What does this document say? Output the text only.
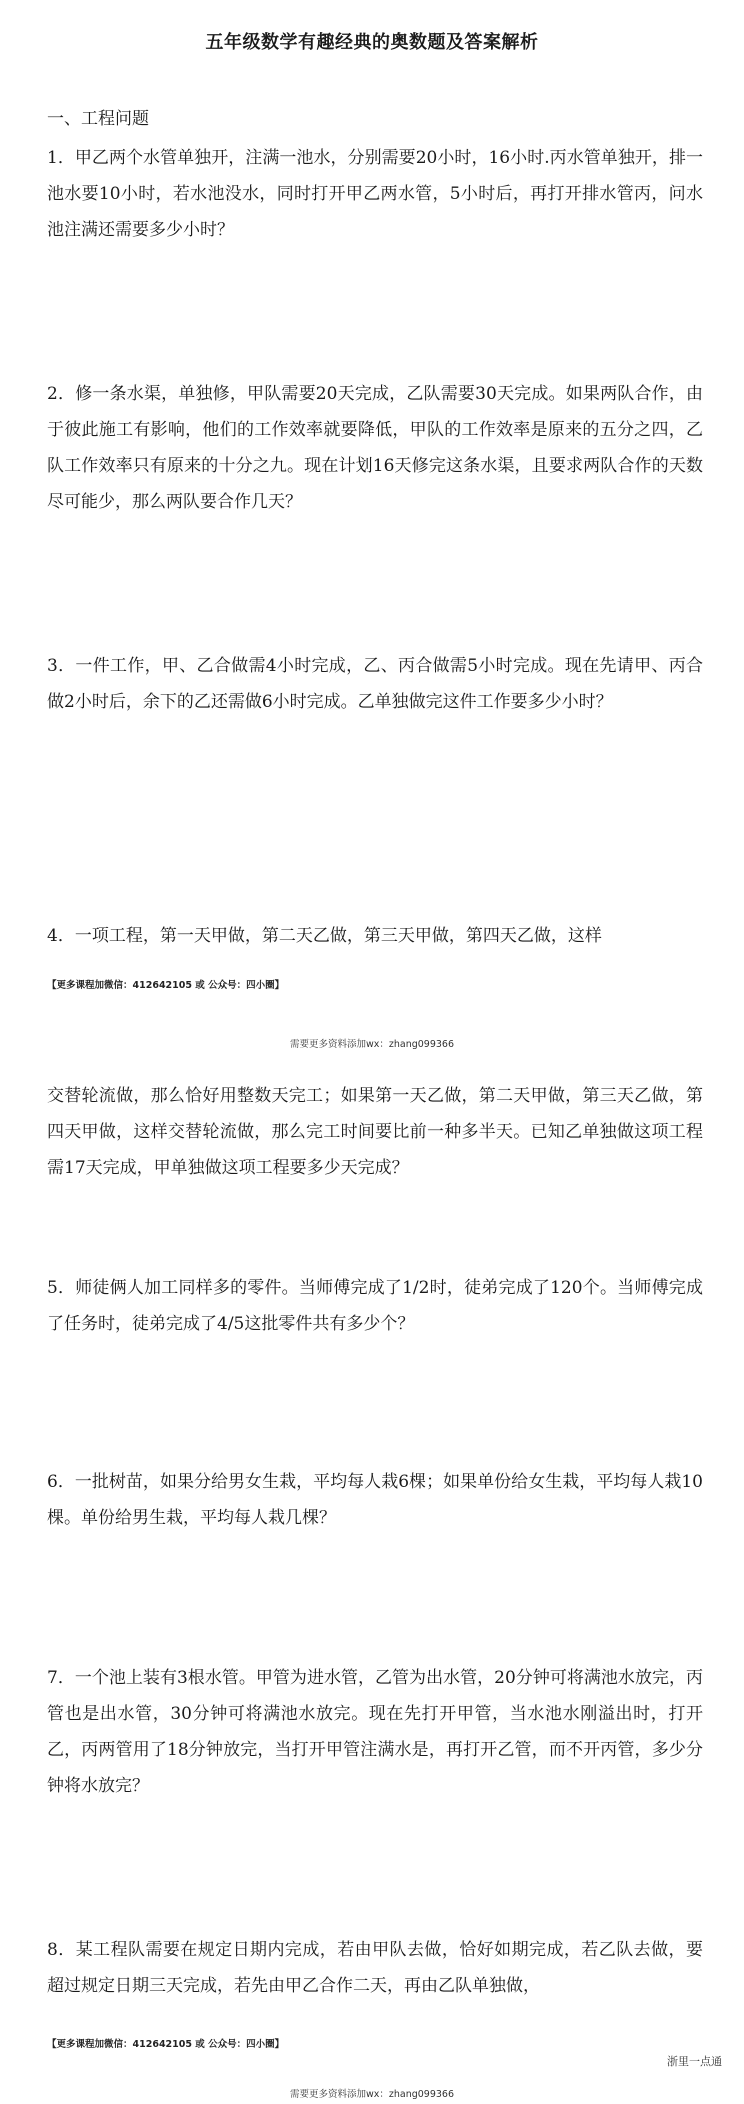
五年级数学有趣经典的奥数题及答案解析

一、工程问题

1．甲乙两个水管单独开，注满一池水，分别需要20小时，16小时.丙水管单独开，排一池水要10小时，若水池没水，同时打开甲乙两水管，5小时后，再打开排水管丙，问水池注满还需要多少小时？

2．修一条水渠，单独修，甲队需要20天完成，乙队需要30天完成。如果两队合作，由于彼此施工有影响，他们的工作效率就要降低，甲队的工作效率是原来的五分之四，乙队工作效率只有原来的十分之九。现在计划16天修完这条水渠，且要求两队合作的天数尽可能少，那么两队要合作几天？

3．一件工作，甲、乙合做需4小时完成，乙、丙合做需5小时完成。现在先请甲、丙合做2小时后，余下的乙还需做6小时完成。乙单独做完这件工作要多少小时？

4．一项工程，第一天甲做，第二天乙做，第三天甲做，第四天乙做，这样

【更多课程加微信：412642105 或 公众号：四小圈】
需要更多资料添加wx：zhang099366

交替轮流做，那么恰好用整数天完工；如果第一天乙做，第二天甲做，第三天乙做，第四天甲做，这样交替轮流做，那么完工时间要比前一种多半天。已知乙单独做这项工程需17天完成，甲单独做这项工程要多少天完成？

5．师徒俩人加工同样多的零件。当师傅完成了1/2时，徒弟完成了120个。当师傅完成了任务时，徒弟完成了4/5这批零件共有多少个？

6．一批树苗，如果分给男女生栽，平均每人栽6棵；如果单份给女生栽，平均每人栽10棵。单份给男生栽，平均每人栽几棵？

7．一个池上装有3根水管。甲管为进水管，乙管为出水管，20分钟可将满池水放完，丙管也是出水管，30分钟可将满池水放完。现在先打开甲管，当水池水刚溢出时，打开乙，丙两管用了18分钟放完，当打开甲管注满水是，再打开乙管，而不开丙管，多少分钟将水放完？

8．某工程队需要在规定日期内完成，若由甲队去做，恰好如期完成，若乙队去做，要超过规定日期三天完成，若先由甲乙合作二天，再由乙队单独做，

【更多课程加微信：412642105 或 公众号：四小圈】
浙里一点通
需要更多资料添加wx：zhang099366
